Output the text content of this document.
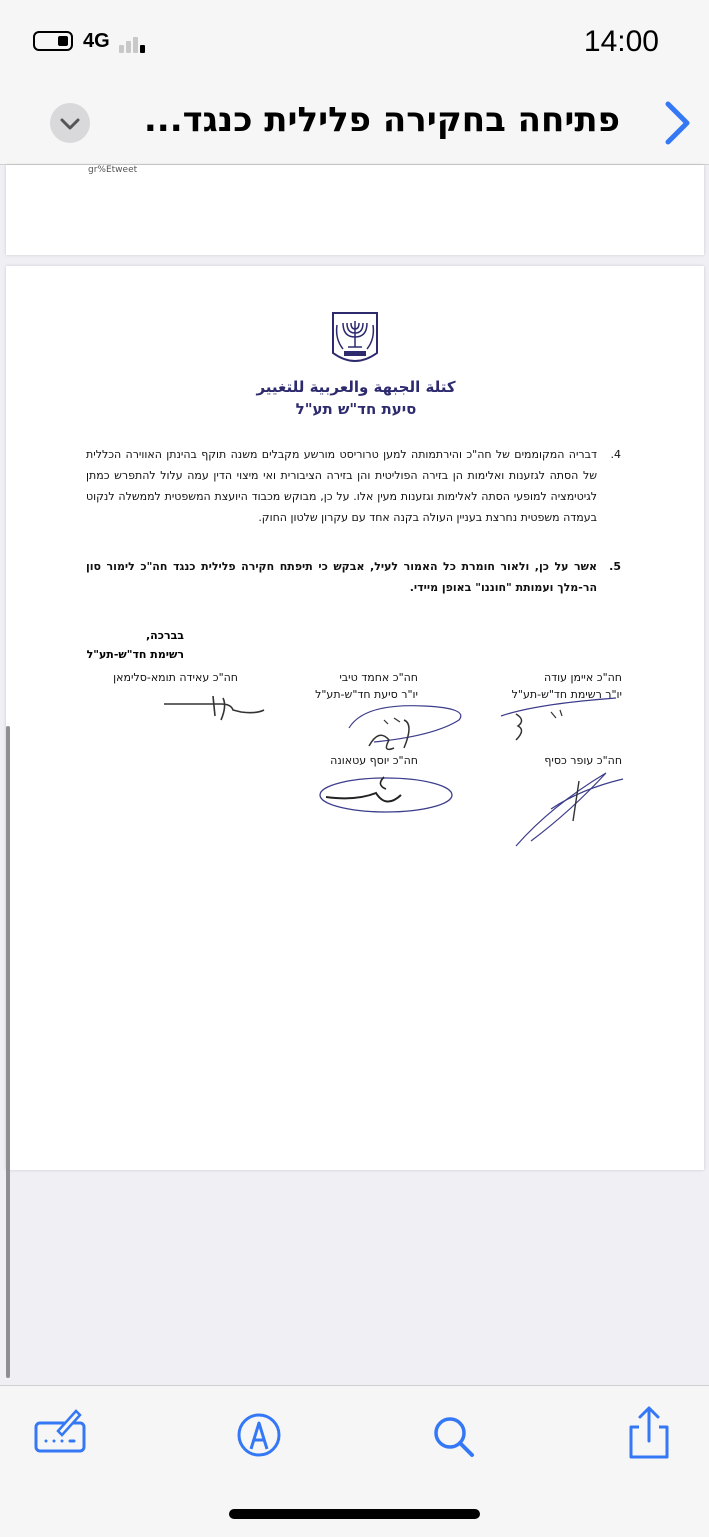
4G	14:00
פתיחה בחקירה פלילית כנגד...
gr%Etweet
كتلة الجبهة والعربية للتغيير
סיעת חד"ש תע"ל
4.
דבריה המקוממים של חה"כ והירתמותה למען טרוריסט מורשע מקבלים משנה תוקף בהינתן האווירה הכללית של הסתה לגזענות ואלימות הן בזירה הפוליטית והן בזירה הציבורית ואי מיצוי הדין עמה עלול להתפרש כמתן לגיטימציה למופעי הסתה לאלימות וגזענות מעין אלו. על כן, מבוקש מכבוד היועצת המשפטית לממשלה לנקוט בעמדה משפטית נחרצת בעניין העולה בקנה אחד עם עקרון שלטון החוק.
5.
אשר על כן, ולאור חומרת כל האמור לעיל, אבקש כי תיפתח חקירה פלילית כנגד חה"כ לימור סון הר-מלך ועמותת "חוננו" באופן מיידי.
בברכה,
רשימת חד"ש-תע"ל
חה"כ איימן עודה
יו"ר רשימת חד"ש-תע"ל
חה"כ אחמד טיבי
יו"ר סיעת חד"ש-תע"ל
חה"כ עאידה תומא-סלימאן
חה"כ עופר כסיף
חה"כ יוסף עטאונה
